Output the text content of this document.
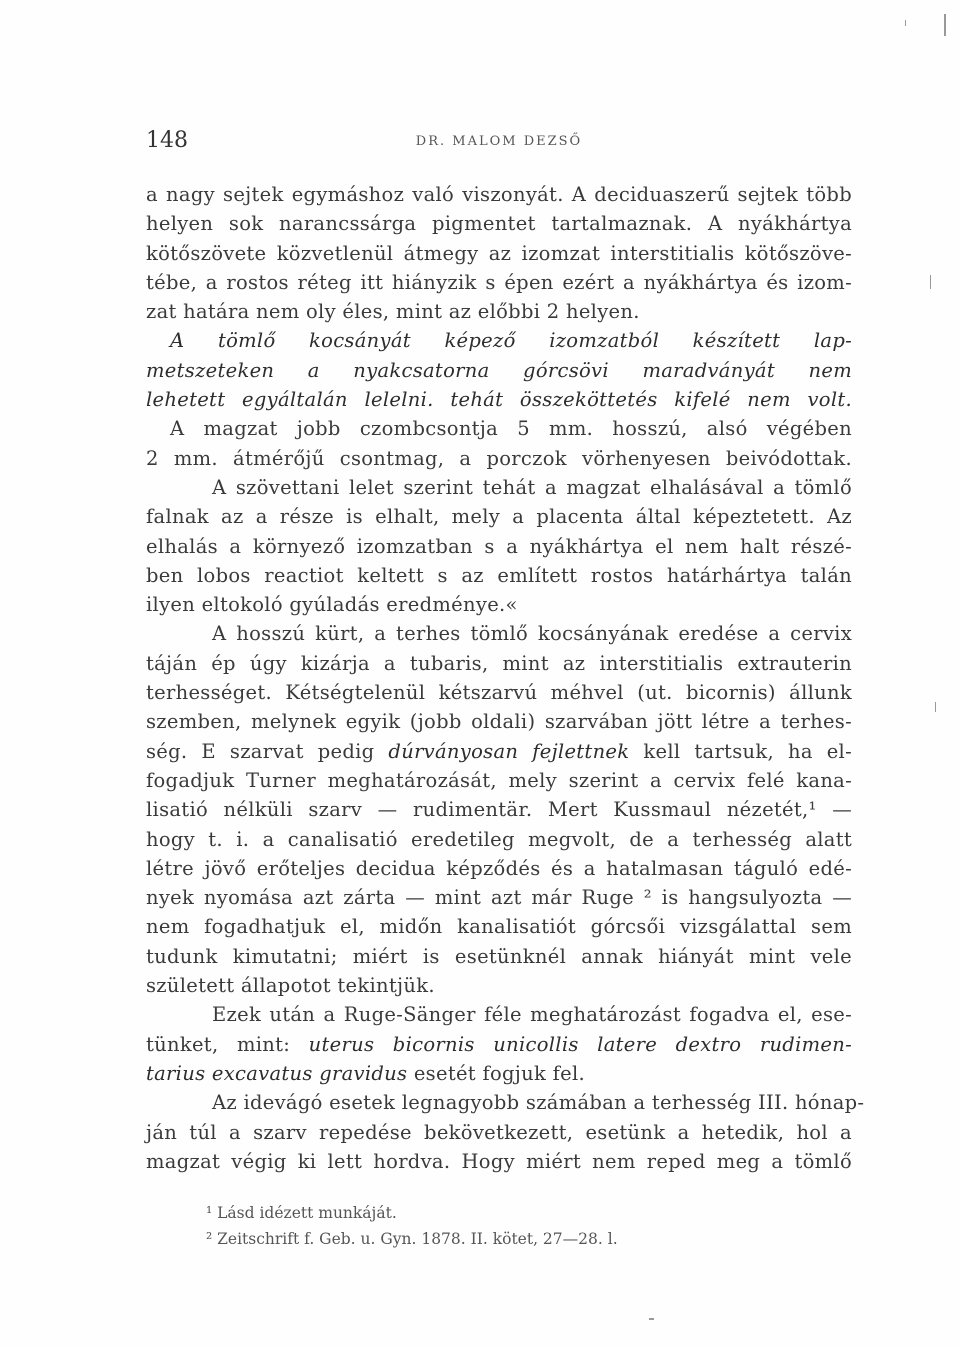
148	DR. MALOM DEZSŐ
a nagy sejtek egymáshoz való viszonyát. A deciduaszerű sejtek több
helyen sok narancssárga pigmentet tartalmaznak. A nyákhártya
kötőszövete közvetlenül átmegy az izomzat interstitialis kötőszöve-
tébe, a rostos réteg itt hiányzik s épen ezért a nyákhártya és izom-
zat határa nem oly éles, mint az előbbi 2 helyen.
A tömlő kocsányát képező izomzatból készített lap-
metszeteken a nyakcsatorna górcsövi maradványát nem
lehetett egyáltalán lelelni. tehát összeköttetés kifelé nem volt.
A magzat jobb czombcsontja 5 mm. hosszú, alsó végében
2 mm. átmérőjű csontmag, a porczok vörhenyesen beivódottak.
A szövettani lelet szerint tehát a magzat elhalásával a tömlő
falnak az a része is elhalt, mely a placenta által képeztetett. Az
elhalás a környező izomzatban s a nyákhártya el nem halt részé-
ben lobos reactiot keltett s az említett rostos határhártya talán
ilyen eltokoló gyúladás eredménye.«
A hosszú kürt, a terhes tömlő kocsányának eredése a cervix
táján ép úgy kizárja a tubaris, mint az interstitialis extrauterin
terhességet. Kétségtelenül kétszarvú méhvel (ut. bicornis) állunk
szemben, melynek egyik (jobb oldali) szarvában jött létre a terhes-
ség. E szarvat pedig dúrványosan fejlettnek kell tartsuk, ha el-
fogadjuk Turner meghatározását, mely szerint a cervix felé kana-
lisatió nélküli szarv — rudimentär. Mert Kussmaul nézetét,¹ —
hogy t. i. a canalisatió eredetileg megvolt, de a terhesség alatt
létre jövő erőteljes decidua képződés és a hatalmasan táguló edé-
nyek nyomása azt zárta — mint azt már Ruge ² is hangsulyozta —
nem fogadhatjuk el, midőn kanalisatiót górcsői vizsgálattal sem
tudunk kimutatni; miért is esetünknél annak hiányát mint vele
született állapotot tekintjük.
Ezek után a Ruge-Sänger féle meghatározást fogadva el, ese-
tünket, mint: uterus bicornis unicollis latere dextro rudimen-
tarius excavatus gravidus esetét fogjuk fel.
Az idevágó esetek legnagyobb számában a terhesség III. hónap-
ján túl a szarv repedése bekövetkezett, esetünk a hetedik, hol a
magzat végig ki lett hordva. Hogy miért nem reped meg a tömlő
¹ Lásd idézett munkáját.
² Zeitschrift f. Geb. u. Gyn. 1878. II. kötet, 27—28. l.
